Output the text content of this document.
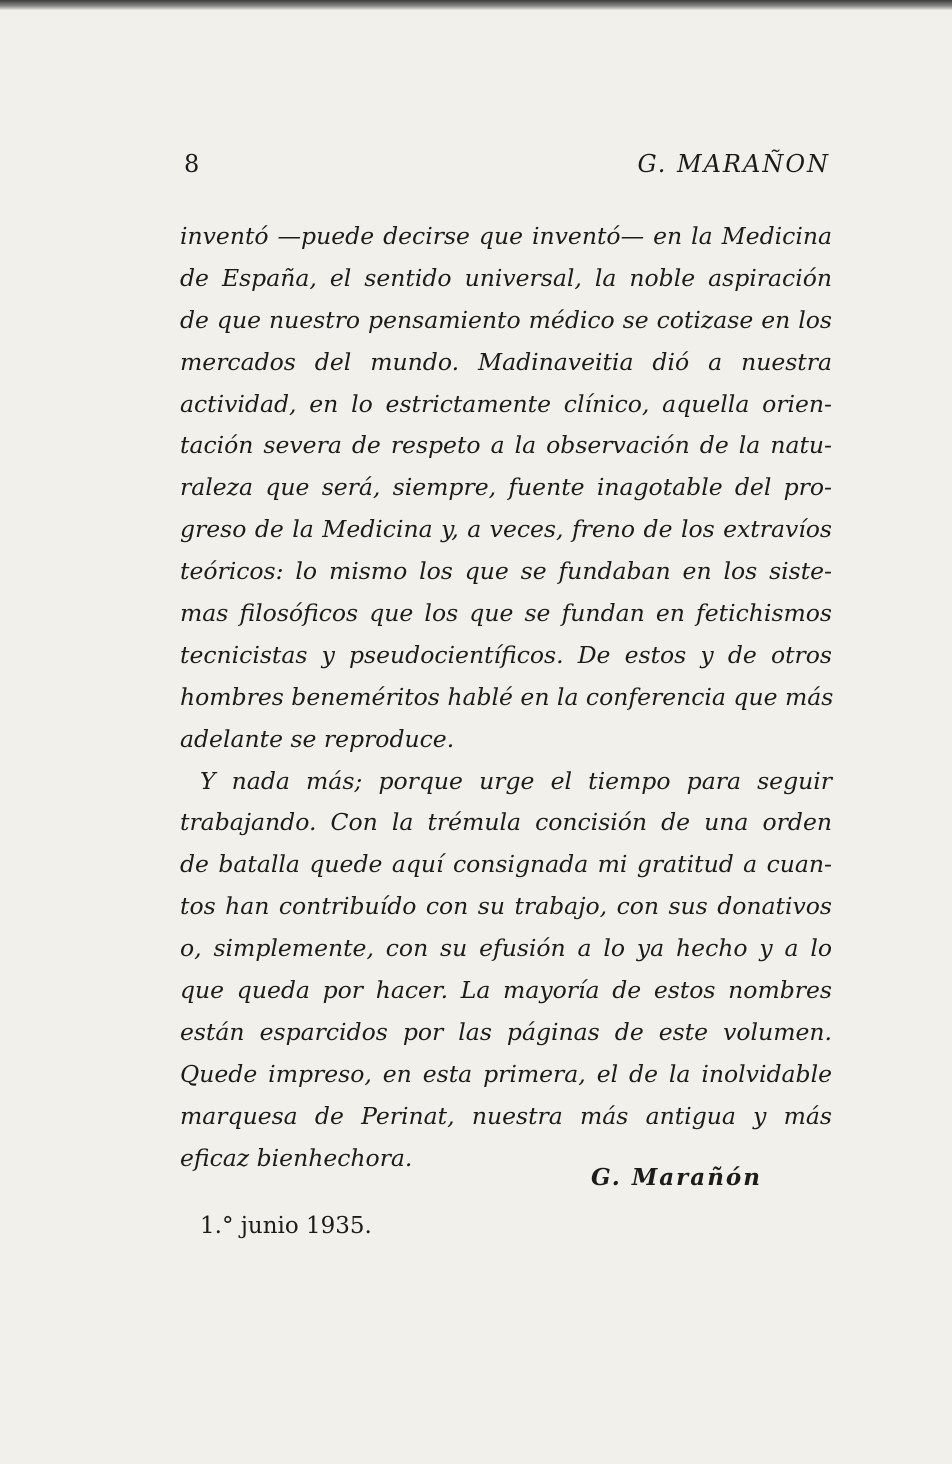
8	G. MARAÑON
inventó —puede decirse que inventó— en la Medicina
de España, el sentido universal, la noble aspiración
de que nuestro pensamiento médico se cotizase en los
mercados del mundo. Madinaveitia dió a nuestra
actividad, en lo estrictamente clínico, aquella orien-
tación severa de respeto a la observación de la natu-
raleza que será, siempre, fuente inagotable del pro-
greso de la Medicina y, a veces, freno de los extravíos
teóricos: lo mismo los que se fundaban en los siste-
mas filosóficos que los que se fundan en fetichismos
tecnicistas y pseudocientíficos. De estos y de otros
hombres beneméritos hablé en la conferencia que más
adelante se reproduce.
Y nada más; porque urge el tiempo para seguir
trabajando. Con la trémula concisión de una orden
de batalla quede aquí consignada mi gratitud a cuan-
tos han contribuído con su trabajo, con sus donativos
o, simplemente, con su efusión a lo ya hecho y a lo
que queda por hacer. La mayoría de estos nombres
están esparcidos por las páginas de este volumen.
Quede impreso, en esta primera, el de la inolvidable
marquesa de Perinat, nuestra más antigua y más
eficaz bienhechora.
G. Marañón
1.° junio 1935.
